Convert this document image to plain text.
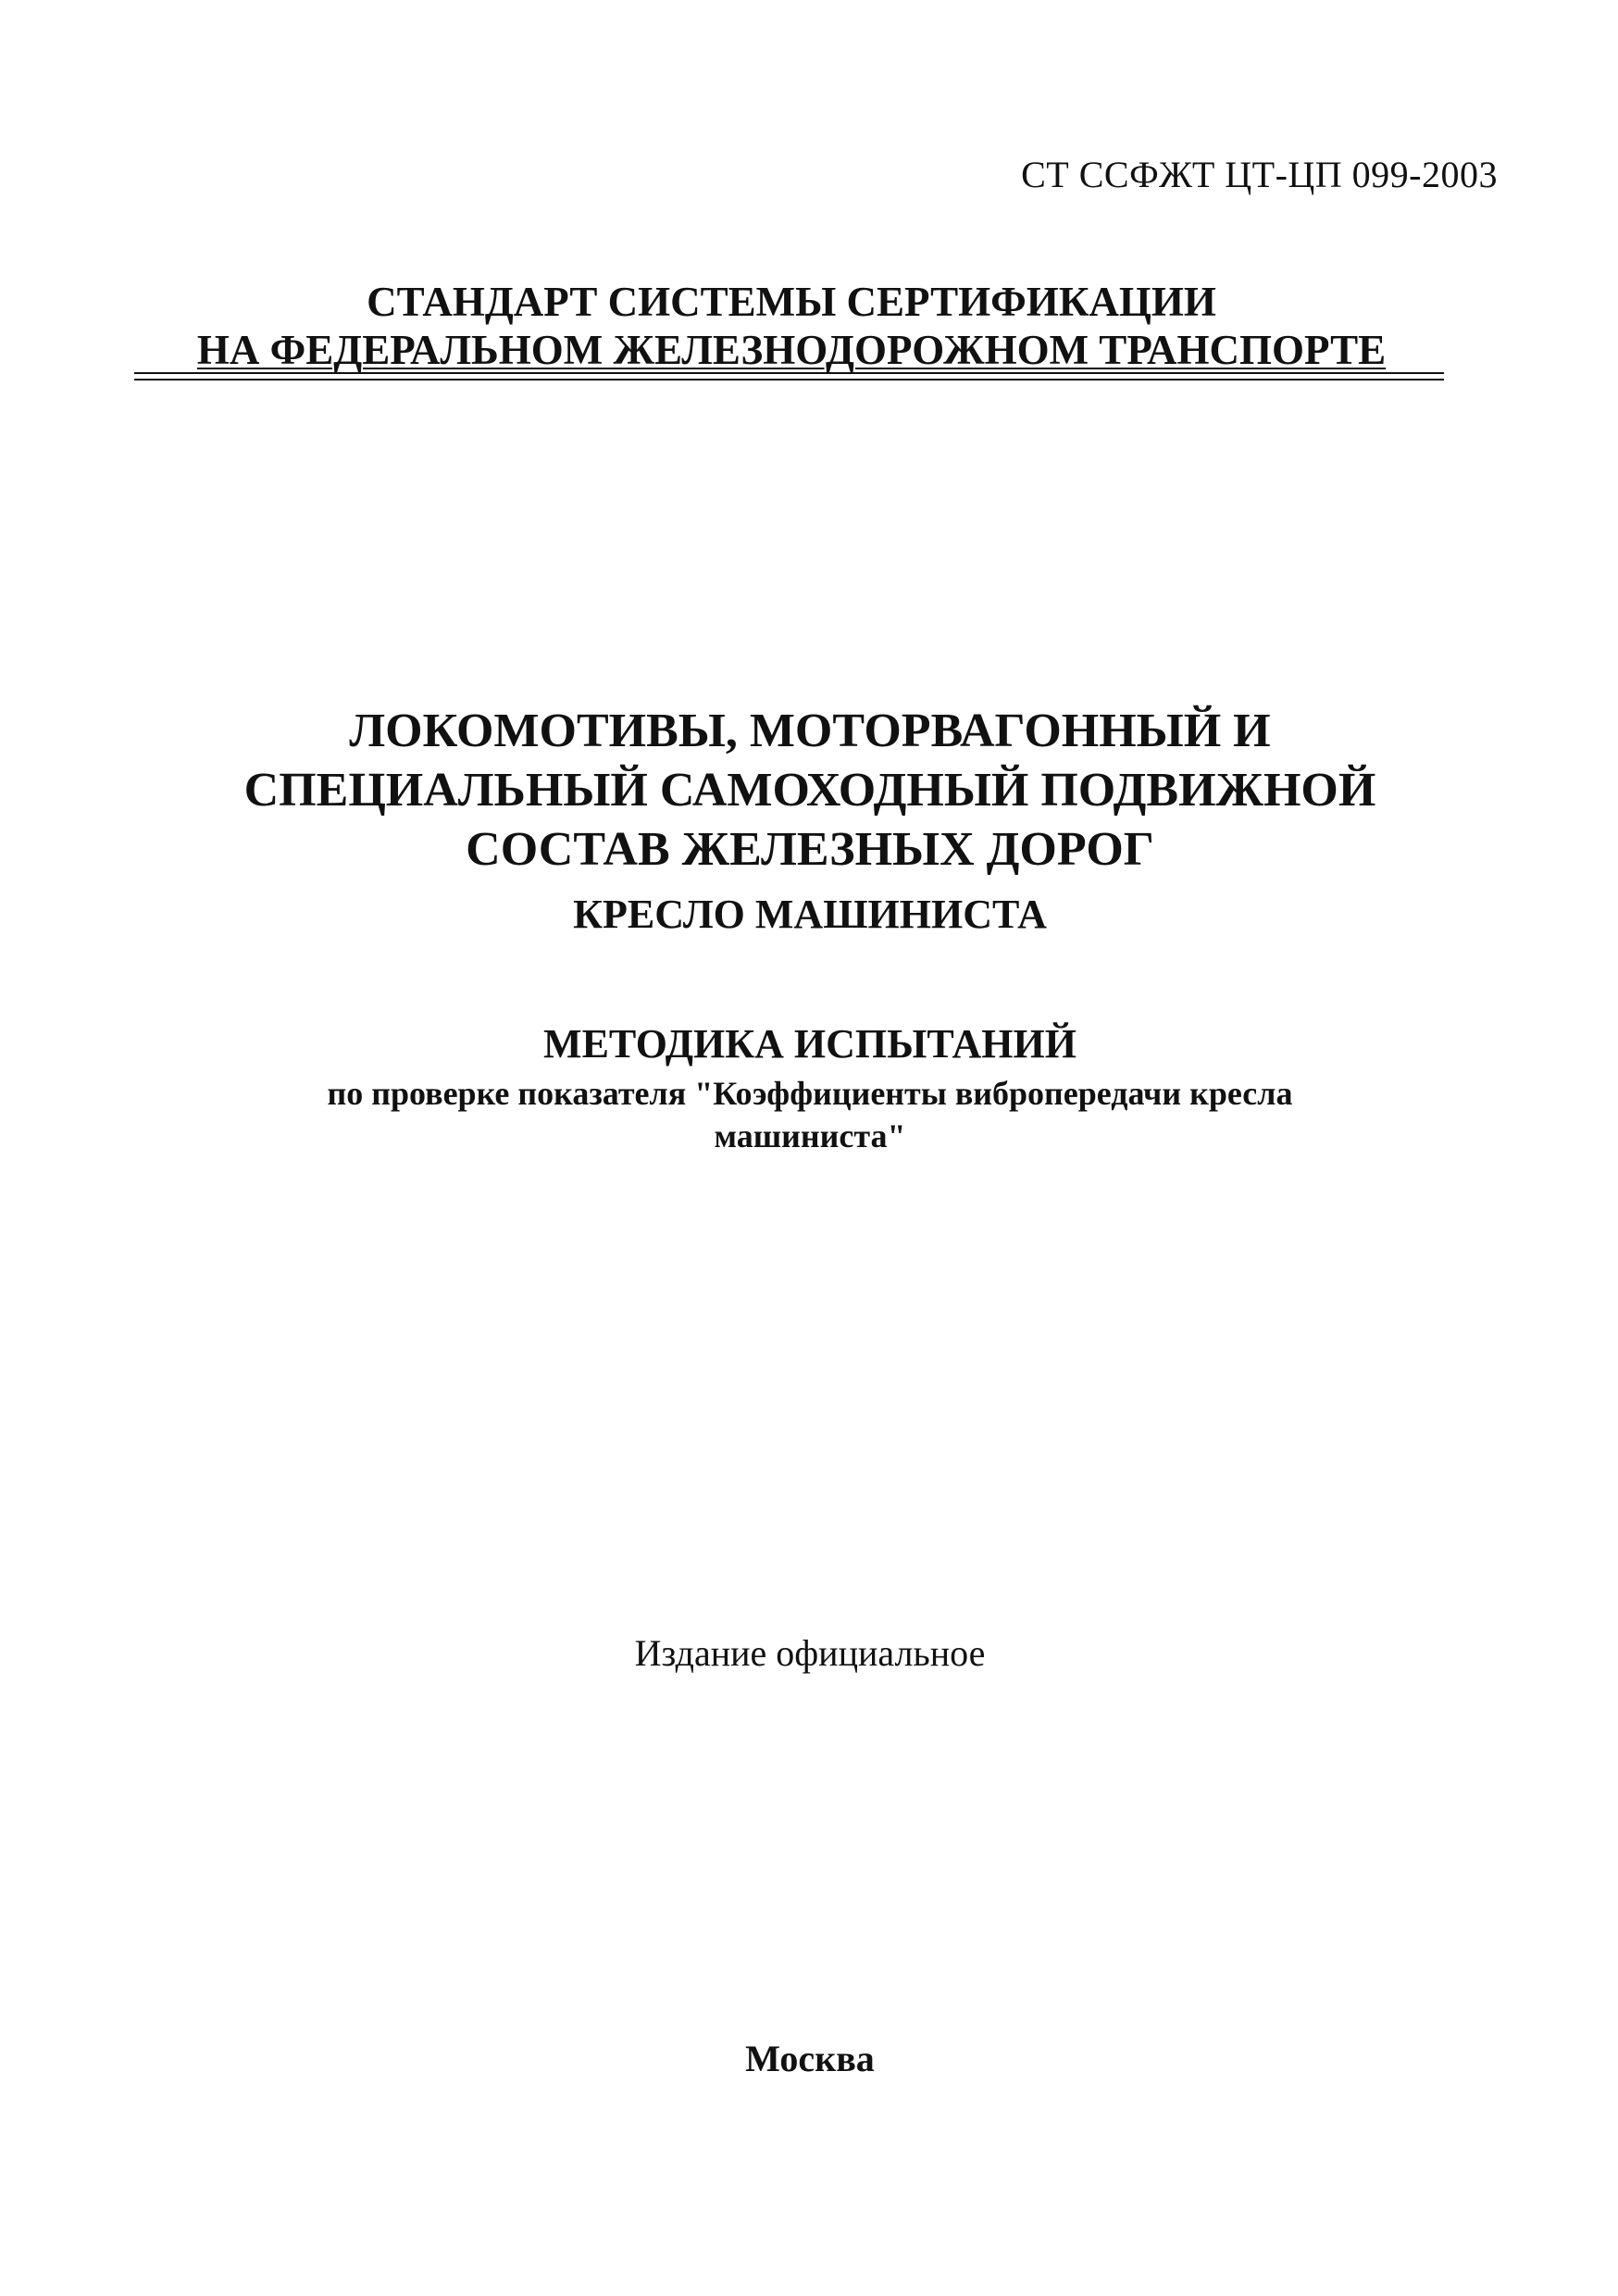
СТ ССФЖТ ЦТ-ЦП 099-2003
СТАНДАРТ СИСТЕМЫ СЕРТИФИКАЦИИ
НА ФЕДЕРАЛЬНОМ ЖЕЛЕЗНОДОРОЖНОМ ТРАНСПОРТЕ
ЛОКОМОТИВЫ, МОТОРВАГОННЫЙ И
СПЕЦИАЛЬНЫЙ САМОХОДНЫЙ ПОДВИЖНОЙ
СОСТАВ ЖЕЛЕЗНЫХ ДОРОГ
КРЕСЛО МАШИНИСТА
МЕТОДИКА ИСПЫТАНИЙ
по проверке показателя "Коэффициенты вибропередачи кресла
машиниста"
Издание официальное
Москва
